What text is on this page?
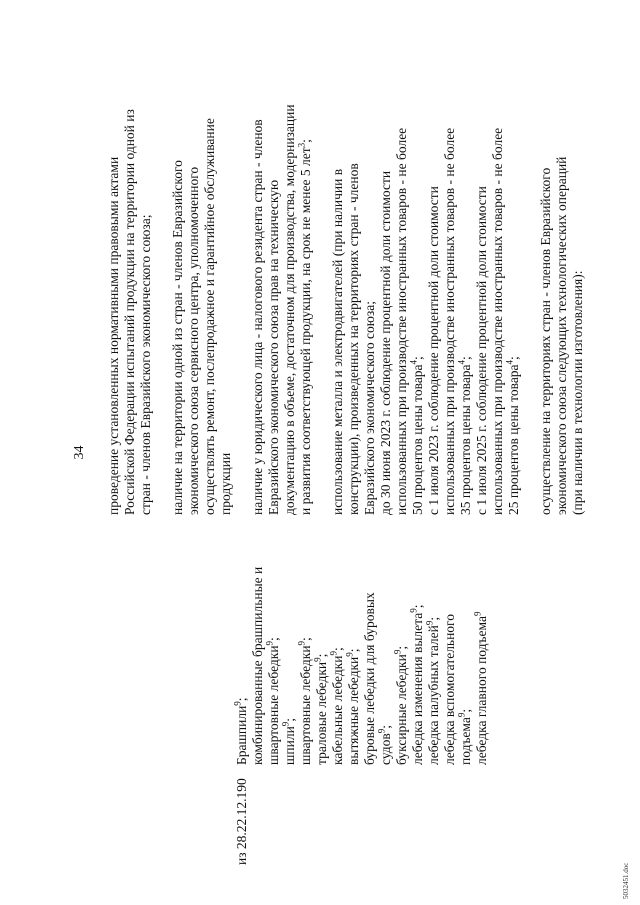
34
из 28.22.12.190
Брашпили$^9$; комбинированные брашпильные и швартовные лебедки$^9$;
шпили$^9$; швартовные лебедки$^9$;
траловые лебедки$^9$;
кабельные лебедки$^9$;
вытяжные лебедки$^9$; буровые лебедки для буровых судов$^9$; буксирные лебедки$^9$; лебедка изменения вылета$^9$;
лебедка палубных талей$^9$; лебедка вспомогательного подъема$^9$; лебедка главного подъема$^9$
проведение установленных нормативными правовыми актами Российской Федерации испытаний продукции на территории одной из стран - членов Евразийского экономического союза; наличие на территории одной из стран - членов Евразийского экономического союза сервисного центра, уполномоченного осуществлять ремонт, послепродажное и гарантийное обслуживание продукции наличие у юридического лица - налогового резидента стран - членов Евразийского экономического союза прав на техническую документацию в объеме, достаточном для производства, модернизации и развития соответствующей продукции, на срок не менее 5 лет$^3$;
использование металла и электродвигателей (при наличии в конструкции), произведенных на территориях стран - членов Евразийского экономического союза; до 30 июня 2023 г. соблюдение процентной доли стоимости использованных при производстве иностранных товаров - не более 50 процентов цены товара$^4$; с 1 июля 2023 г. соблюдение процентной доли стоимости использованных при производстве иностранных товаров - не более 35 процентов цены товара$^4$; с 1 июля 2025 г. соблюдение процентной доли стоимости использованных при производстве иностранных товаров - не более 25 процентов цены товара$^4$; осуществление на территориях стран - членов Евразийского экономического союза следующих технологических операций (при наличии в технологии изготовления):
5032451.doc
